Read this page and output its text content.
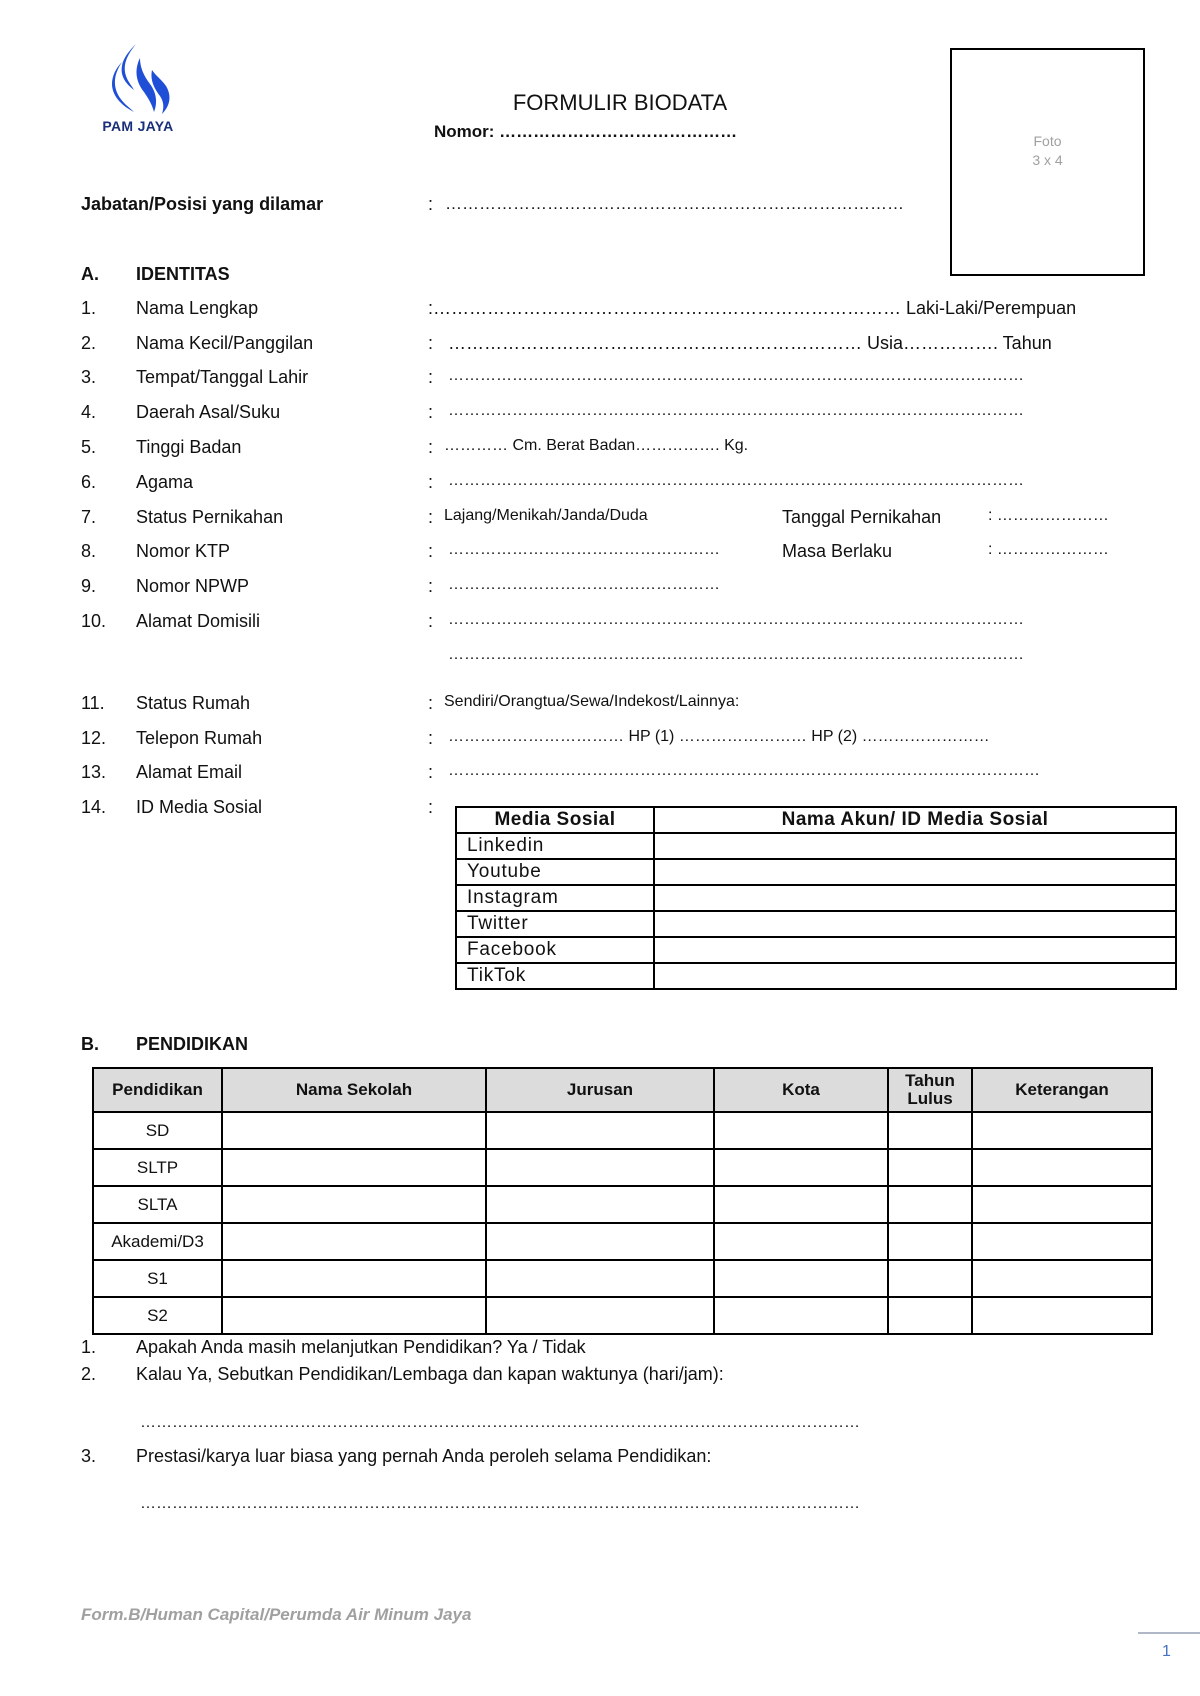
PAM JAYA
FORMULIR BIODATA
Nomor: ……………………………………	Foto
3 x 4
Jabatan/Posisi yang dilamar	: ………………………………………………………………………
A. IDENTITAS
1. Nama Lengkap	:…………………………………………………………………… Laki-Laki/Perempuan
2. Nama Kecil/Panggilan	: …………………………………………………………… Usia……………. Tahun
3. Tempat/Tanggal Lahir	: ………………………………………………………………………………………………
4. Daerah Asal/Suku	: ………………………………………………………………………………………………
5. Tinggi Badan	: ………… Cm. Berat Badan……………. Kg.
6. Agama	: ………………………………………………………………………………………………
7. Status Pernikahan	: Lajang/Menikah/Janda/Duda	Tanggal Pernikahan	: …………………
8. Nomor KTP	: ……………………………………………	Masa Berlaku	: …………………
9. Nomor NPWP	: ……………………………………………
10. Alamat Domisili	: ………………………………………………………………………………………………
………………………………………………………………………………………………
11. Status Rumah	: Sendiri/Orangtua/Sewa/Indekost/Lainnya:
12. Telepon Rumah	: …………………………… HP (1) …………………… HP (2) ……………………
13. Alamat Email	: …………………………………………………………………………………………………
14. ID Media Sosial	:
Media Sosial	Nama Akun/ ID Media Sosial
Linkedin	
Youtube	
Instagram	
Twitter	
Facebook	
TikTok	
B. PENDIDIKAN
Pendidikan	Nama Sekolah	Jurusan	Kota	Tahun Lulus	Keterangan
SD					
SLTP					
SLTA					
Akademi/D3					
S1					
S2					
1. Apakah Anda masih melanjutkan Pendidikan? Ya / Tidak
2. Kalau Ya, Sebutkan Pendidikan/Lembaga dan kapan waktunya (hari/jam):
………………………………………………………………………………………………………………………
3. Prestasi/karya luar biasa yang pernah Anda peroleh selama Pendidikan:
………………………………………………………………………………………………………………………
Form.B/Human Capital/Perumda Air Minum Jaya
1
